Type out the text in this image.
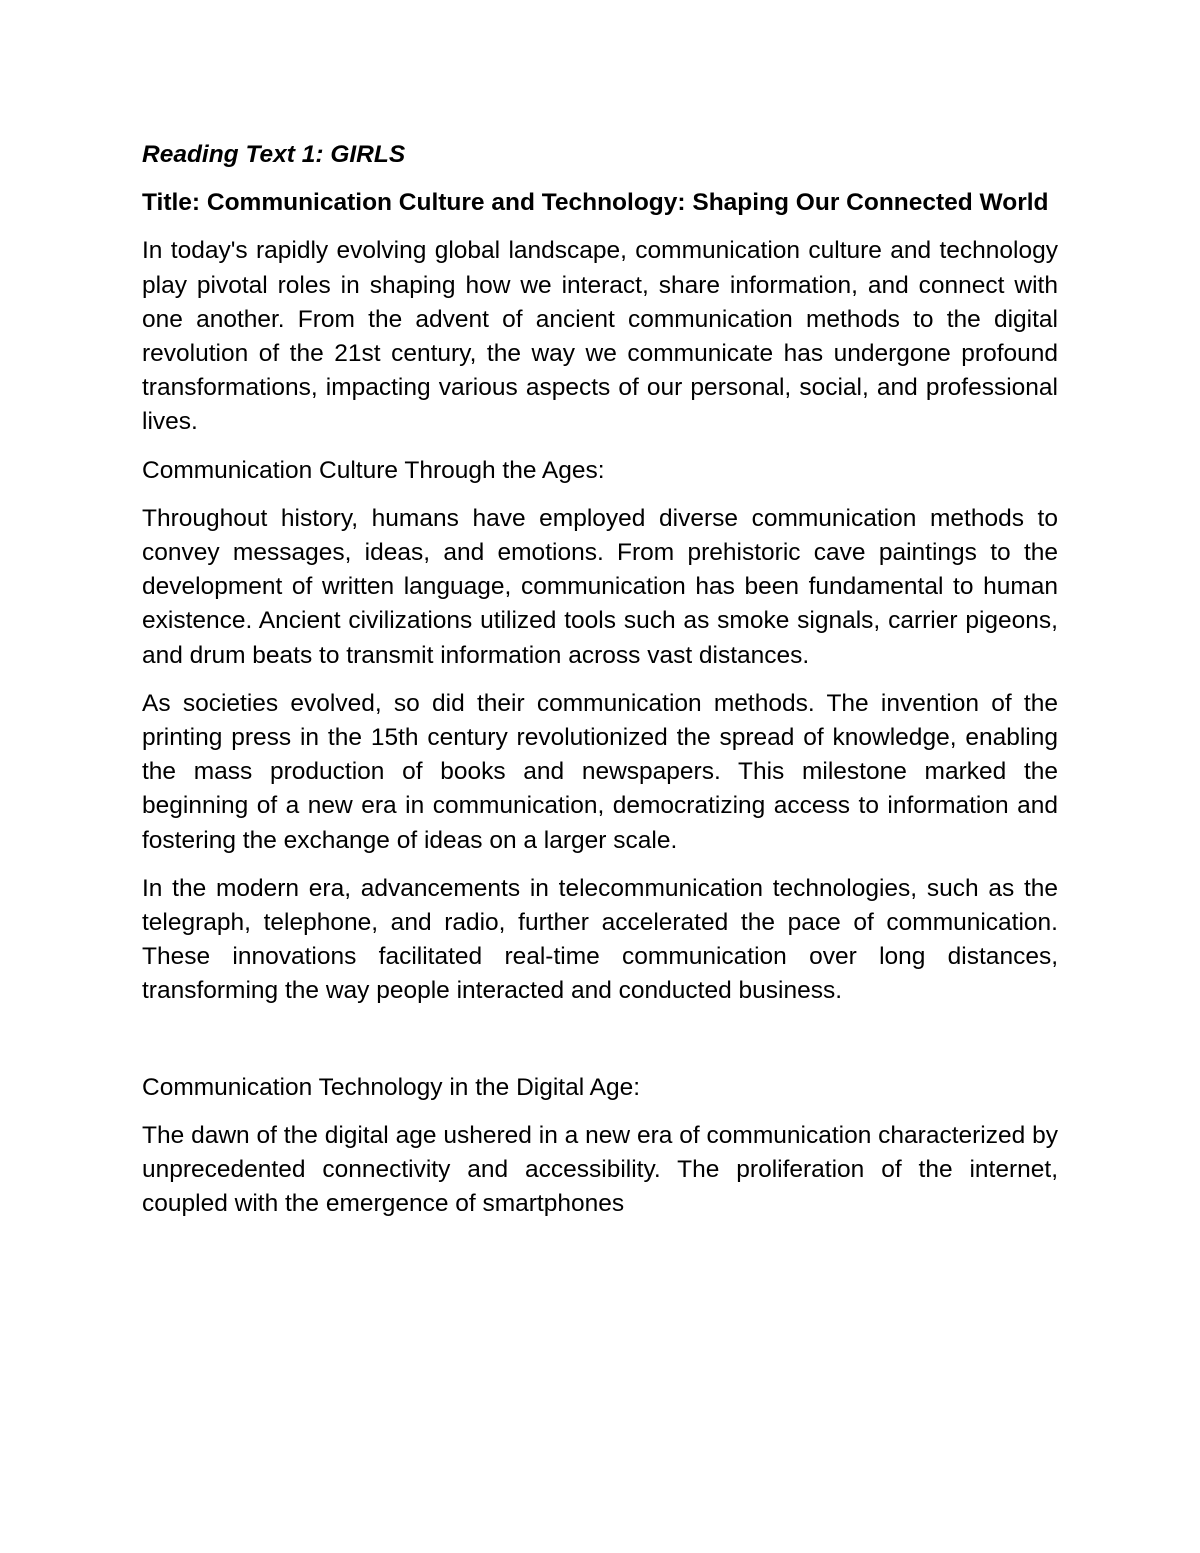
Reading Text 1: GIRLS

Title: Communication Culture and Technology: Shaping Our Connected World

In today's rapidly evolving global landscape, communication culture and technology play pivotal roles in shaping how we interact, share information, and connect with one another. From the advent of ancient communication methods to the digital revolution of the 21st century, the way we communicate has undergone profound transformations, impacting various aspects of our personal, social, and professional lives.

Communication Culture Through the Ages:

Throughout history, humans have employed diverse communication methods to convey messages, ideas, and emotions. From prehistoric cave paintings to the development of written language, communication has been fundamental to human existence. Ancient civilizations utilized tools such as smoke signals, carrier pigeons, and drum beats to transmit information across vast distances.

As societies evolved, so did their communication methods. The invention of the printing press in the 15th century revolutionized the spread of knowledge, enabling the mass production of books and newspapers. This milestone marked the beginning of a new era in communication, democratizing access to information and fostering the exchange of ideas on a larger scale.

In the modern era, advancements in telecommunication technologies, such as the telegraph, telephone, and radio, further accelerated the pace of communication. These innovations facilitated real-time communication over long distances, transforming the way people interacted and conducted business.

Communication Technology in the Digital Age:

The dawn of the digital age ushered in a new era of communication characterized by unprecedented connectivity and accessibility. The proliferation of the internet, coupled with the emergence of smartphones
